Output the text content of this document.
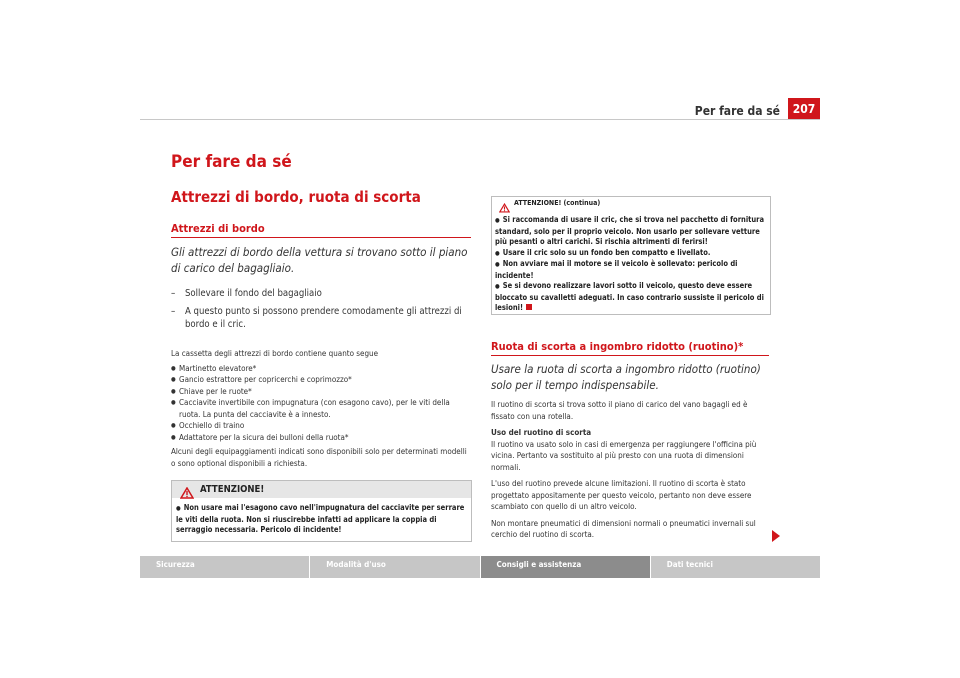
Per fare da sé	207
Per fare da sé
Attrezzi di bordo, ruota di scorta
Attrezzi di bordo

Gli attrezzi di bordo della vettura si trovano sotto il piano di carico del bagagliaio.

–	Sollevare il fondo del bagagliaio
–	A questo punto si possono prendere comodamente gli attrezzi di bordo e il cric.

La cassetta degli attrezzi di bordo contiene quanto segue

● Martinetto elevatore*
● Gancio estrattore per copricerchi e coprimozzo*
● Chiave per le ruote*
● Cacciavite invertibile con impugnatura (con esagono cavo), per le viti della ruota. La punta del cacciavite è a innesto.
● Occhiello di traino
● Adattatore per la sicura dei bulloni della ruota*

Alcuni degli equipaggiamenti indicati sono disponibili solo per determinati modelli o sono optional disponibili a richiesta.

ATTENZIONE!

● Non usare mai l'esagono cavo nell'impugnatura del cacciavite per serrare le viti della ruota. Non si riuscirebbe infatti ad applicare la coppia di serraggio necessaria. Pericolo di incidente!

ATTENZIONE! (continua)

● Si raccomanda di usare il cric, che si trova nel pacchetto di fornitura standard, solo per il proprio veicolo. Non usarlo per sollevare vetture più pesanti o altri carichi. Si rischia altrimenti di ferirsi!

● Usare il cric solo su un fondo ben compatto e livellato.

● Non avviare mai il motore se il veicolo è sollevato: pericolo di incidente!

● Se si devono realizzare lavori sotto il veicolo, questo deve essere bloccato su cavalletti adeguati. In caso contrario sussiste il pericolo di lesioni!

Ruota di scorta a ingombro ridotto (ruotino)*

Usare la ruota di scorta a ingombro ridotto (ruotino) solo per il tempo indispensabile.

Il ruotino di scorta si trova sotto il piano di carico del vano bagagli ed è fissato con una rotella.

Uso del ruotino di scorta

Il ruotino va usato solo in casi di emergenza per raggiungere l'officina più vicina. Pertanto va sostituito al più presto con una ruota di dimensioni normali.

L'uso del ruotino prevede alcune limitazioni. Il ruotino di scorta è stato progettato appositamente per questo veicolo, pertanto non deve essere scambiato con quello di un altro veicolo.

Non montare pneumatici di dimensioni normali o pneumatici invernali sul cerchio del ruotino di scorta.

Sicurezza	Modalità d'uso	Consigli e assistenza	Dati tecnici
